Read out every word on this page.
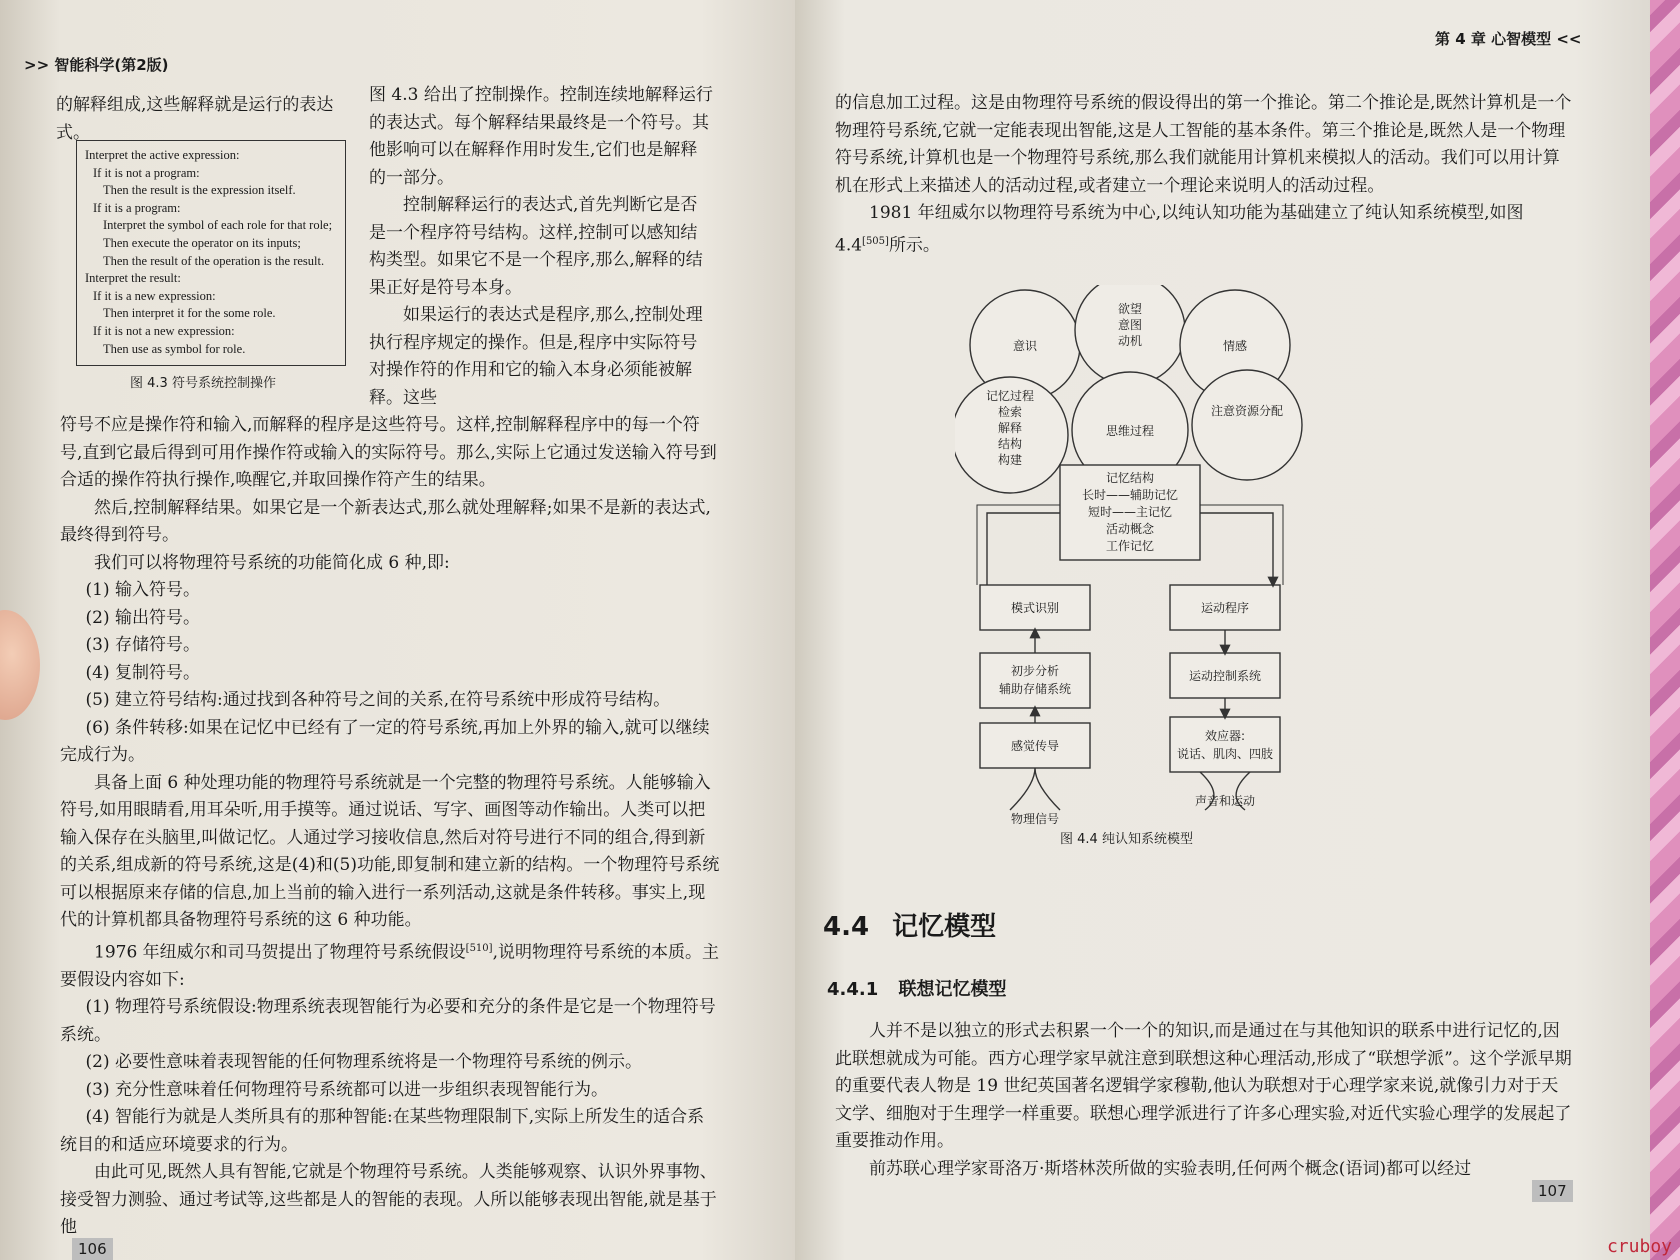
>> 智能科学(第2版)
的解释组成,这些解释就是运行的表达式。

图 4.3 给出了控制操作。控制连续地解释运行的表达式。每个解释结果最终是一个符号。其他影响可以在解释作用时发生,它们也是解释的一部分。

控制解释运行的表达式,首先判断它是否是一个程序符号结构。这样,控制可以感知结构类型。如果它不是一个程序,那么,解释的结果正好是符号本身。

如果运行的表达式是程序,那么,控制处理执行程序规定的操作。但是,程序中实际符号对操作符的作用和它的输入本身必须能被解释。这些

Interpret the active expression:
If it is not a program:
Then the result is the expression itself.
If it is a program:
Interpret the symbol of each role for that role;
Then execute the operator on its inputs;
Then the result of the operation is the result.
Interpret the result:
If it is a new expression:
Then interpret it for the some role.
If it is not a new expression:
Then use as symbol for role.
图 4.3 符号系统控制操作

符号不应是操作符和输入,而解释的程序是这些符号。这样,控制解释程序中的每一个符号,直到它最后得到可用作操作符或输入的实际符号。那么,实际上它通过发送输入符号到合适的操作符执行操作,唤醒它,并取回操作符产生的结果。

然后,控制解释结果。如果它是一个新表达式,那么就处理解释;如果不是新的表达式,最终得到符号。

我们可以将物理符号系统的功能简化成 6 种,即:

(1) 输入符号。

(2) 输出符号。

(3) 存储符号。

(4) 复制符号。

(5) 建立符号结构:通过找到各种符号之间的关系,在符号系统中形成符号结构。

(6) 条件转移:如果在记忆中已经有了一定的符号系统,再加上外界的输入,就可以继续完成行为。

具备上面 6 种处理功能的物理符号系统就是一个完整的物理符号系统。人能够输入符号,如用眼睛看,用耳朵听,用手摸等。通过说话、写字、画图等动作输出。人类可以把输入保存在头脑里,叫做记忆。人通过学习接收信息,然后对符号进行不同的组合,得到新的关系,组成新的符号系统,这是(4)和(5)功能,即复制和建立新的结构。一个物理符号系统可以根据原来存储的信息,加上当前的输入进行一系列活动,这就是条件转移。事实上,现代的计算机都具备物理符号系统的这 6 种功能。

1976 年纽威尔和司马贺提出了物理符号系统假设[510],说明物理符号系统的本质。主要假设内容如下:

(1) 物理符号系统假设:物理系统表现智能行为必要和充分的条件是它是一个物理符号系统。

(2) 必要性意味着表现智能的任何物理系统将是一个物理符号系统的例示。

(3) 充分性意味着任何物理符号系统都可以进一步组织表现智能行为。

(4) 智能行为就是人类所具有的那种智能:在某些物理限制下,实际上所发生的适合系统目的和适应环境要求的行为。

由此可见,既然人具有智能,它就是个物理符号系统。人类能够观察、认识外界事物、接受智力测验、通过考试等,这些都是人的智能的表现。人所以能够表现出智能,就是基于他

106
第 4 章 心智模型 <<

的信息加工过程。这是由物理符号系统的假设得出的第一个推论。第二个推论是,既然计算机是一个物理符号系统,它就一定能表现出智能,这是人工智能的基本条件。第三个推论是,既然人是一个物理符号系统,计算机也是一个物理符号系统,那么我们就能用计算机来模拟人的活动。我们可以用计算机在形式上来描述人的活动过程,或者建立一个理论来说明人的活动过程。

1981 年纽威尔以物理符号系统为中心,以纯认知功能为基础建立了纯认知系统模型,如图 4.4[505]所示。

意识
欲望
意图
动机	情感
记忆过程
检索
解释
结构
构建
思维过程
注意资源分配
记忆结构
长时——辅助记忆
短时——主记忆
活动概念
工作记忆
模式识别
初步分析
辅助存储系统
感觉传导
运动程序
运动控制系统
效应器:
说话、肌肉、四肢
声音和运动
物理信号
图 4.4 纯认知系统模型
4.4 记忆模型
4.4.1 联想记忆模型

人并不是以独立的形式去积累一个一个的知识,而是通过在与其他知识的联系中进行记忆的,因此联想就成为可能。西方心理学家早就注意到联想这种心理活动,形成了“联想学派”。这个学派早期的重要代表人物是 19 世纪英国著名逻辑学家穆勒,他认为联想对于心理学家来说,就像引力对于天文学、细胞对于生理学一样重要。联想心理学派进行了许多心理实验,对近代实验心理学的发展起了重要推动作用。

前苏联心理学家哥洛万·斯塔林茨所做的实验表明,任何两个概念(语词)都可以经过

107
cruboy
